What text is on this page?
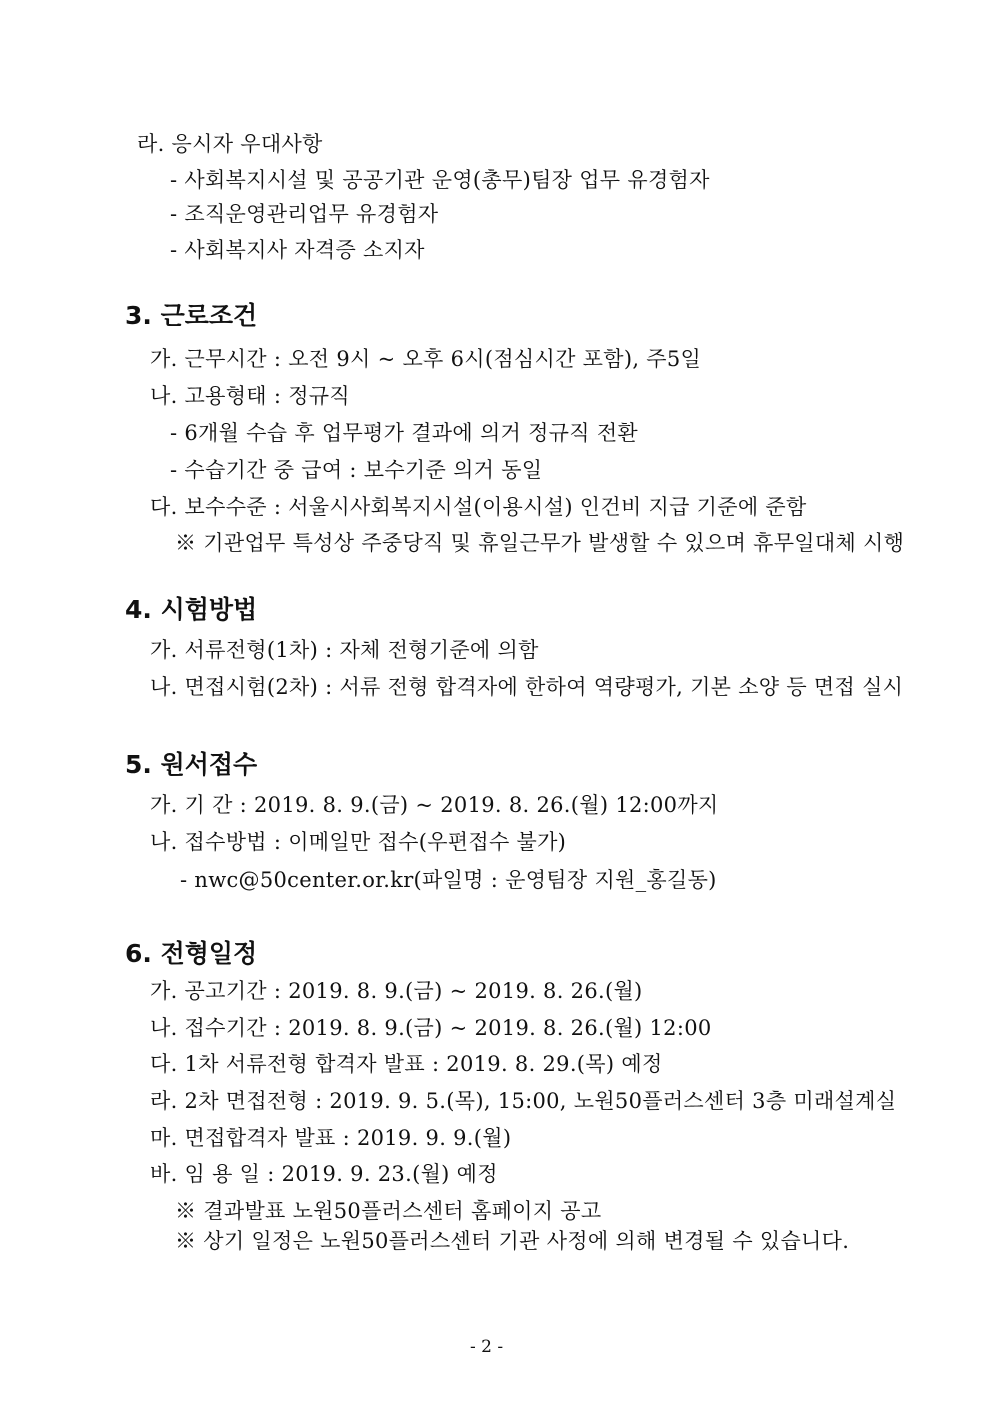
라. 응시자 우대사항
- 사회복지시설 및 공공기관 운영(총무)팀장 업무 유경험자
- 조직운영관리업무 유경험자
- 사회복지사 자격증 소지자
3. 근로조건
가. 근무시간 : 오전 9시 ~ 오후 6시(점심시간 포함), 주5일
나. 고용형태 : 정규직
- 6개월 수습 후 업무평가 결과에 의거 정규직 전환
- 수습기간 중 급여 : 보수기준 의거 동일
다. 보수수준 : 서울시사회복지시설(이용시설) 인건비 지급 기준에 준함
※ 기관업무 특성상 주중당직 및 휴일근무가 발생할 수 있으며 휴무일대체 시행
4. 시험방법
가. 서류전형(1차) : 자체 전형기준에 의함
나. 면접시험(2차) : 서류 전형 합격자에 한하여 역량평가, 기본 소양 등 면접 실시
5. 원서접수
가. 기 간 : 2019. 8. 9.(금) ~ 2019. 8. 26.(월) 12:00까지
나. 접수방법 : 이메일만 접수(우편접수 불가)
- nwc@50center.or.kr(파일명 : 운영팀장 지원_홍길동)
6. 전형일정
가. 공고기간 : 2019. 8. 9.(금) ~ 2019. 8. 26.(월)
나. 접수기간 : 2019. 8. 9.(금) ~ 2019. 8. 26.(월) 12:00
다. 1차 서류전형 합격자 발표 : 2019. 8. 29.(목) 예정
라. 2차 면접전형 : 2019. 9. 5.(목), 15:00, 노원50플러스센터 3층 미래설계실
마. 면접합격자 발표 : 2019. 9. 9.(월)
바. 임 용 일 : 2019. 9. 23.(월) 예정
※ 결과발표 노원50플러스센터 홈페이지 공고
※ 상기 일정은 노원50플러스센터 기관 사정에 의해 변경될 수 있습니다.
- 2 -
